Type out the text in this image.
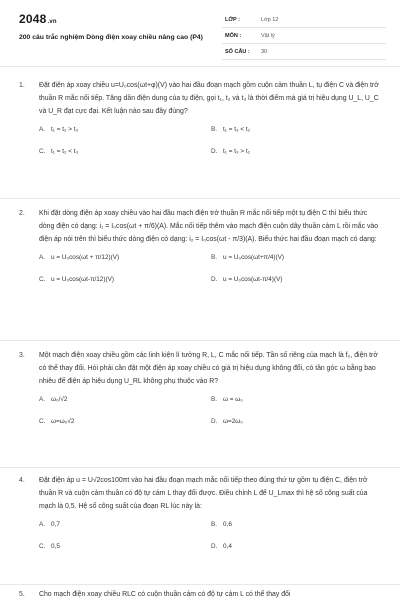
2048.vn
200 câu trắc nghiệm Dòng điện xoay chiều nâng cao (P4)
LỚP :	Lớp 12
MÔN :	Vật lý
SỐ CÂU :	30
1.	Đặt điện áp xoay chiều u=U₀cos(ωt+φ)(V) vào hai đầu đoạn mạch gồm cuộn cảm thuần L, tụ điện C và điện trở thuần R mắc nối tiếp. Tăng dần điện dung của tụ điện, gọi t₁, t₂ và t₃ là thời điểm mà giá trị hiệu dụng U_L, U_C và U_R đạt cực đại. Kết luận nào sau đây đúng?
A. t₁ = t₂ > t₃	B. t₁ = t₃ < t₂
C. t₁ = t₂ < t₃	D. t₁ = t₃ > t₂
2.	Khi đặt dòng điện áp xoay chiều vào hai đầu mạch điện trở thuần R mắc nối tiếp một tụ điện C thì biểu thức dòng điện có dạng: i₁ = I₀cos(ωt + π/6)(A). Mắc nối tiếp thêm vào mạch điện cuộn dây thuần cảm L rồi mắc vào điện áp nói trên thì biểu thức dòng điện có dạng: i₂ = I₀cos(ωt - π/3)(A). Biểu thức hai đầu đoạn mạch có dạng:
A. u = U₀cos(ωt + π/12)(V)	B. u = U₀cos(ωt+π/4)(V)
C. u = U₀cos(ωt-π/12)(V)	D. u = U₀cos(ωt-π/4)(V)
3.	Một mạch điện xoay chiều gồm các linh kiện lí tưởng R, L, C mắc nối tiếp. Tần số riêng của mạch là f₀, điện trở có thể thay đổi. Hỏi phải cần đặt một điện áp xoay chiều có giá trị hiệu dụng không đổi, có tần góc ω bằng bao nhiêu để điện áp hiệu dụng U_RL không phụ thuộc vào R?
A. ω₀/√2	B. ω = ω₀
C. ω=ω₀√2	D. ω=2ω₀
4.	Đặt điện áp u = U√2cos100πt vào hai đầu đoạn mạch mắc nối tiếp theo đúng thứ tự gồm tụ điện C, điện trở thuần R và cuộn cảm thuần có độ tự cảm L thay đổi được. Điều chỉnh L để U_Lmax thì hệ số công suất của mạch là 0,5. Hệ số công suất của đoạn RL lúc này là:
A. 0,7	B. 0,6
C. 0,5	D. 0,4
5.	Cho mạch điện xoay chiều RLC có cuộn thuần cảm có độ tự cảm L có thể thay đổi
